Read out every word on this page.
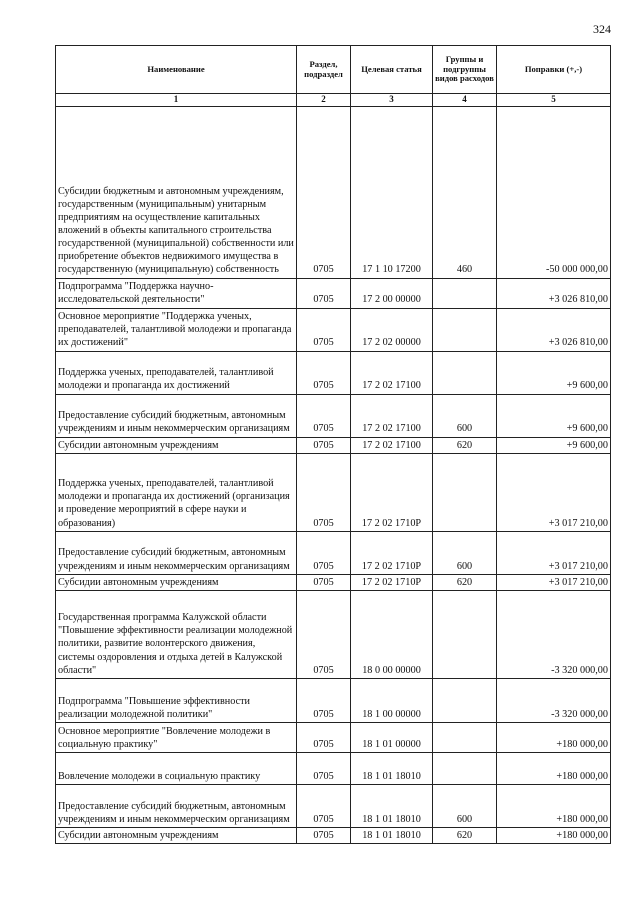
324
Наименование	Раздел, подраздел	Целевая статья	Группы и подгруппы видов расходов	Поправки (+,-)
1	2	3	4	5
Субсидии бюджетным и автономным учреждениям, государственным (муниципальным) унитарным предприятиям на осуществление капитальных вложений в объекты капитального строительства государственной (муниципальной) собственности или приобретение объектов недвижимого имущества в государственную (муниципальную) собственность	0705	17 1 10 17200	460	-50 000 000,00
Подпрограмма "Поддержка научно-исследовательской деятельности"	0705	17 2 00 00000		+3 026 810,00
Основное мероприятие "Поддержка ученых, преподавателей, талантливой молодежи и пропаганда их достижений"	0705	17 2 02 00000		+3 026 810,00
Поддержка ученых, преподавателей, талантливой молодежи и пропаганда их достижений	0705	17 2 02 17100		+9 600,00
Предоставление субсидий бюджетным, автономным учреждениям и иным некоммерческим организациям	0705	17 2 02 17100	600	+9 600,00
Субсидии автономным учреждениям	0705	17 2 02 17100	620	+9 600,00
Поддержка ученых, преподавателей, талантливой молодежи и пропаганда их достижений (организация и проведение мероприятий в сфере науки и образования)	0705	17 2 02 1710Р		+3 017 210,00
Предоставление субсидий бюджетным, автономным учреждениям и иным некоммерческим организациям	0705	17 2 02 1710Р	600	+3 017 210,00
Субсидии автономным учреждениям	0705	17 2 02 1710Р	620	+3 017 210,00
Государственная программа Калужской области "Повышение эффективности реализации молодежной политики, развитие волонтерского движения, системы оздоровления и отдыха детей в Калужской области"	0705	18 0 00 00000		-3 320 000,00
Подпрограмма "Повышение эффективности реализации молодежной политики"	0705	18 1 00 00000		-3 320 000,00
Основное мероприятие "Вовлечение молодежи в социальную практику"	0705	18 1 01 00000		+180 000,00
Вовлечение молодежи в социальную практику	0705	18 1 01 18010		+180 000,00
Предоставление субсидий бюджетным, автономным учреждениям и иным некоммерческим организациям	0705	18 1 01 18010	600	+180 000,00
Субсидии автономным учреждениям	0705	18 1 01 18010	620	+180 000,00
